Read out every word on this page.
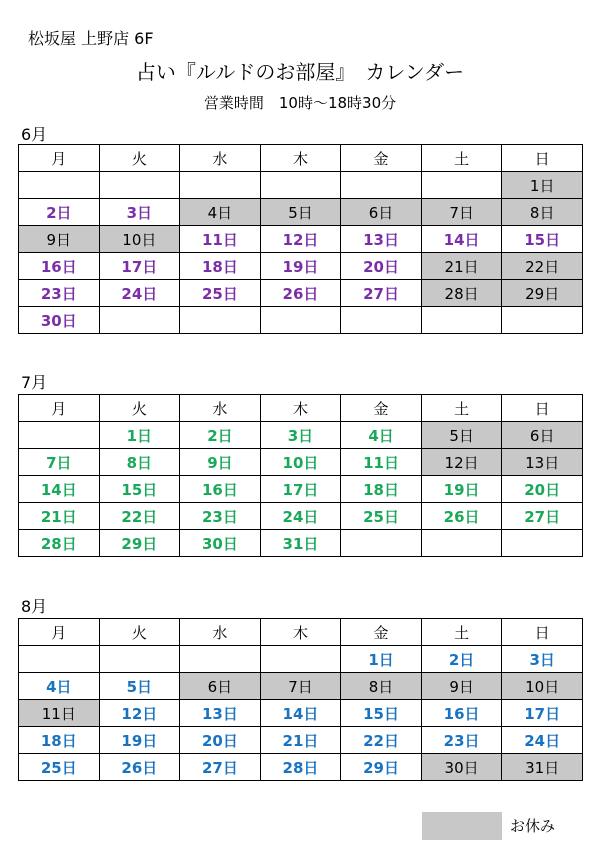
松坂屋 上野店 6F
占い『ルルドのお部屋』　カレンダー
営業時間　10時～18時30分
6月
月	火	水	木	金	土	日
						1日
2日	3日	4日	5日	6日	7日	8日
9日	10日	11日	12日	13日	14日	15日
16日	17日	18日	19日	20日	21日	22日
23日	24日	25日	26日	27日	28日	29日
30日						
7月
月	火	水	木	金	土	日
	1日	2日	3日	4日	5日	6日
7日	8日	9日	10日	11日	12日	13日
14日	15日	16日	17日	18日	19日	20日
21日	22日	23日	24日	25日	26日	27日
28日	29日	30日	31日			
8月
月	火	水	木	金	土	日
				1日	2日	3日
4日	5日	6日	7日	8日	9日	10日
11日	12日	13日	14日	15日	16日	17日
18日	19日	20日	21日	22日	23日	24日
25日	26日	27日	28日	29日	30日	31日
お休み
